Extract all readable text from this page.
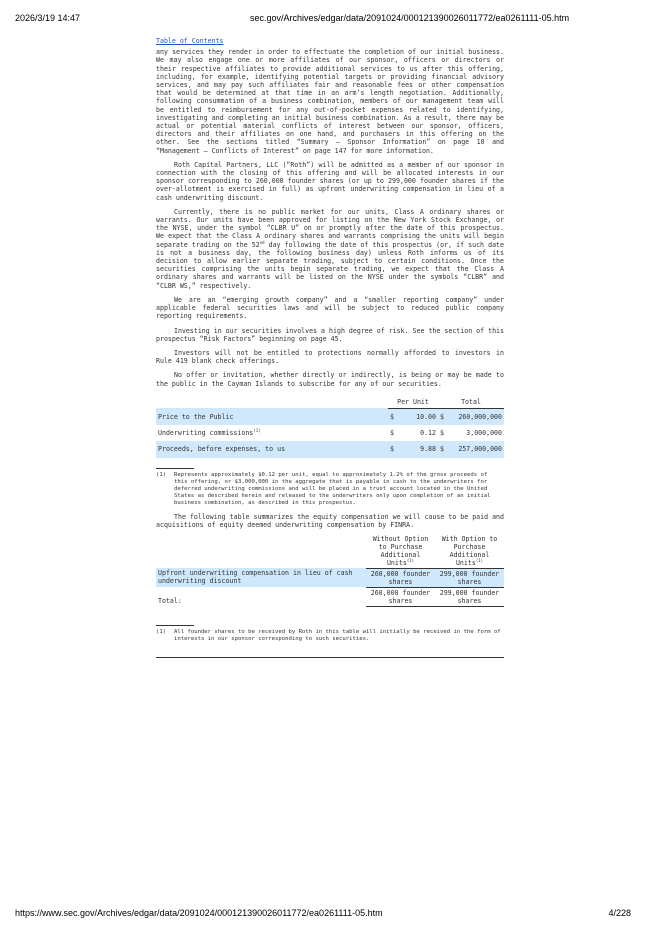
2026/3/19 14:47	sec.gov/Archives/edgar/data/2091024/000121390026011772/ea0261111-05.htm
Table of Contents

any services they render in order to effectuate the completion of our initial business. We may also engage one or more affiliates of our sponsor, officers or directors or their respective affiliates to provide additional services to us after this offering, including, for example, identifying potential targets or providing financial advisory services, and may pay such affiliates fair and reasonable fees or other compensation that would be determined at that time in an arm’s length negotiation. Additionally, following consummation of a business combination, members of our management team will be entitled to reimbursement for any out-of-pocket expenses related to identifying, investigating and completing an initial business combination. As a result, there may be actual or potential material conflicts of interest between our sponsor, officers, directors and their affiliates on one hand, and purchasers in this offering on the other. See the sections titled “Summary — Sponsor Information” on page 10 and “Management — Conflicts of Interest” on page 147 for more information.

Roth Capital Partners, LLC (“Roth”) will be admitted as a member of our sponsor in connection with the closing of this offering and will be allocated interests in our sponsor corresponding to 260,000 founder shares (or up to 299,000 founder shares if the over-allotment is exercised in full) as upfront underwriting compensation in lieu of a cash underwriting discount.

Currently, there is no public market for our units, Class A ordinary shares or warrants. Our units have been approved for listing on the New York Stock Exchange, or the NYSE, under the symbol “CLBR U” on or promptly after the date of this prospectus. We expect that the Class A ordinary shares and warrants comprising the units will begin separate trading on the 52nd day following the date of this prospectus (or, if such date is not a business day, the following business day) unless Roth informs us of its decision to allow earlier separate trading, subject to certain conditions. Once the securities comprising the units begin separate trading, we expect that the Class A ordinary shares and warrants will be listed on the NYSE under the symbols “CLBR” and “CLBR WS,” respectively.

We are an “emerging growth company” and a “smaller reporting company” under applicable federal securities laws and will be subject to reduced public company reporting requirements.

Investing in our securities involves a high degree of risk. See the section of this prospectus “Risk Factors” beginning on page 45.

Investors will not be entitled to protections normally afforded to investors in Rule 419 blank check offerings.

No offer or invitation, whether directly or indirectly, is being or may be made to the public in the Cayman Islands to subscribe for any of our securities.

	Per Unit		Total	
Price to the Public	$	10.00	$	260,000,000
Underwriting commissions$^{(1)}$	$	0.12	$	3,000,000
Proceeds, before expenses, to us	$	9.88	$	257,000,000
(1)	Represents approximately $0.12 per unit, equal to approximately 1.2% of the gross proceeds of this offering, or $3,000,000 in the aggregate that is payable in cash to the underwriters for deferred underwriting commissions and will be placed in a trust account located in the United States as described herein and released to the underwriters only upon completion of an initial business combination, as described in this prospectus.

The following table summarizes the equity compensation we will cause to be paid and acquisitions of equity deemed underwriting compensation by FINRA.

	Without Option to Purchase Additional Units$^{(1)}$	With Option to Purchase Additional Units$^{(1)}$
Upfront underwriting compensation in lieu of cash underwriting discount	260,000 founder shares	299,000 founder shares
Total:	260,000 founder shares	299,000 founder shares
(1)	All founder shares to be received by Roth in this table will initially be received in the form of interests in our sponsor corresponding to such securities.
https://www.sec.gov/Archives/edgar/data/2091024/000121390026011772/ea0261111-05.htm	4/228
